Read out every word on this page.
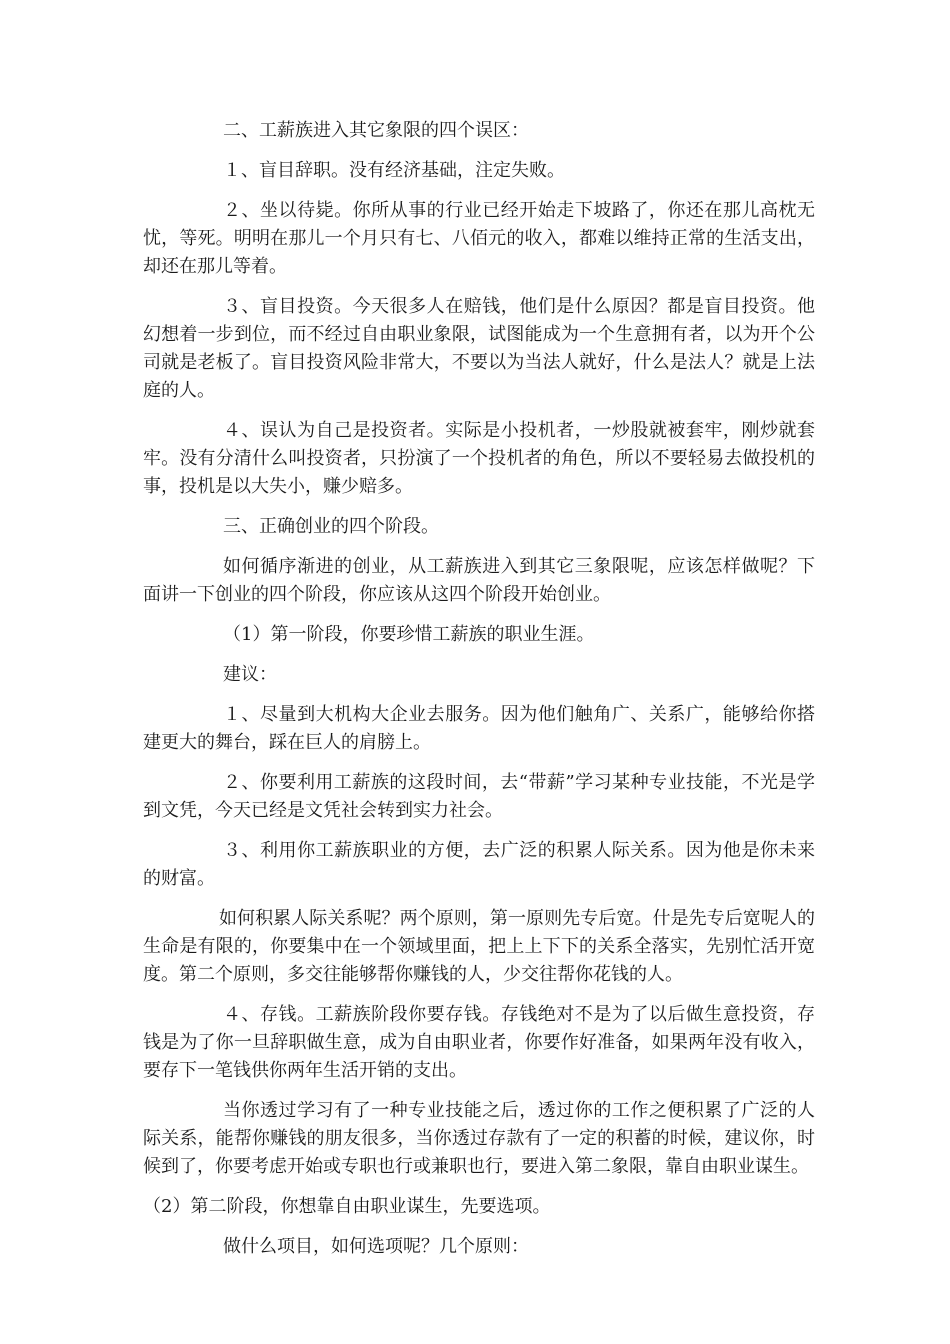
二、工薪族进入其它象限的四个误区：

１、盲目辞职。没有经济基础，注定失败。

２、坐以待毙。你所从事的行业已经开始走下坡路了，你还在那儿高枕无忧，等死。明明在那儿一个月只有七、八佰元的收入，都难以维持正常的生活支出，却还在那儿等着。

３、盲目投资。今天很多人在赔钱，他们是什么原因？都是盲目投资。他幻想着一步到位，而不经过自由职业象限，试图能成为一个生意拥有者，以为开个公司就是老板了。盲目投资风险非常大，不要以为当法人就好，什么是法人？就是上法庭的人。

４、误认为自己是投资者。实际是小投机者，一炒股就被套牢，刚炒就套牢。没有分清什么叫投资者，只扮演了一个投机者的角色，所以不要轻易去做投机的事，投机是以大失小，赚少赔多。

三、正确创业的四个阶段。

如何循序渐进的创业，从工薪族进入到其它三象限呢，应该怎样做呢？下面讲一下创业的四个阶段，你应该从这四个阶段开始创业。

（1）第一阶段，你要珍惜工薪族的职业生涯。

建议：

１、尽量到大机构大企业去服务。因为他们触角广、关系广，能够给你搭建更大的舞台，踩在巨人的肩膀上。

２、你要利用工薪族的这段时间，去“带薪”学习某种专业技能，不光是学到文凭，今天已经是文凭社会转到实力社会。

３、利用你工薪族职业的方便，去广泛的积累人际关系。因为他是你未来的财富。

如何积累人际关系呢？两个原则，第一原则先专后宽。什是先专后宽呢人的生命是有限的，你要集中在一个领域里面，把上上下下的关系全落实，先别忙活开宽度。第二个原则，多交往能够帮你赚钱的人，少交往帮你花钱的人。

４、存钱。工薪族阶段你要存钱。存钱绝对不是为了以后做生意投资，存钱是为了你一旦辞职做生意，成为自由职业者，你要作好准备，如果两年没有收入，要存下一笔钱供你两年生活开销的支出。

当你透过学习有了一种专业技能之后，透过你的工作之便积累了广泛的人际关系，能帮你赚钱的朋友很多，当你透过存款有了一定的积蓄的时候，建议你，时候到了，你要考虑开始或专职也行或兼职也行，要进入第二象限，靠自由职业谋生。

（2）第二阶段，你想靠自由职业谋生，先要选项。

做什么项目，如何选项呢？几个原则：
